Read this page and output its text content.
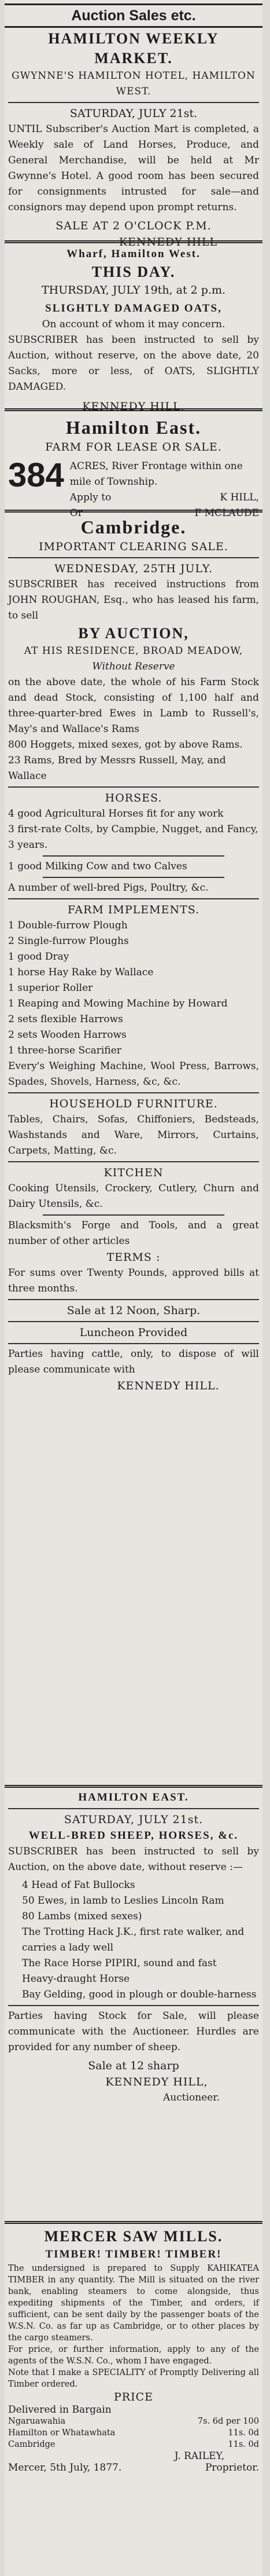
Auction Sales etc.

HAMILTON WEEKLY MARKET.

GWYNNE'S HAMILTON HOTEL, HAMILTON WEST.

SATURDAY, JULY 21st.

UNTIL Subscriber's Auction Mart is completed, a Weekly sale of Land Horses, Produce, and General Merchandise, will be held at Mr Gwynne's Hotel. A good room has been secured for consignments intrusted for sale—and consignors may depend upon prompt returns.

SALE AT 2 O'CLOCK P.M.

KENNEDY HILL

Wharf, Hamilton West.

THIS DAY.

THURSDAY, JULY 19th, at 2 p.m.

SLIGHTLY DAMAGED OATS,

On account of whom it may concern.

SUBSCRIBER has been instructed to sell by Auction, without reserve, on the above date, 20 Sacks, more or less, of OATS, SLIGHTLY DAMAGED.

KENNEDY HILL.

Hamilton East.

FARM FOR LEASE OR SALE.

384 ACRES, River Frontage within one mile of Township.

Apply to	K HILL,
Or	F MCLAUDE

Cambridge.

IMPORTANT CLEARING SALE.

WEDNESDAY, 25TH JULY.

SUBSCRIBER has received instructions from JOHN ROUGHAN, Esq., who has leased his farm, to sell

BY AUCTION,

AT HIS RESIDENCE, BROAD MEADOW,

Without Reserve

on the above date, the whole of his Farm Stock and dead Stock, consisting of 1,100 half and three-quarter-bred Ewes in Lamb to Russell's, May's and Wallace's Rams

800 Hoggets, mixed sexes, got by above Rams.

23 Rams, Bred by Messrs Russell, May, and Wallace

HORSES.

4 good Agricultural Horses fit for any work
3 first-rate Colts, by Campbie, Nugget, and Fancy, 3 years.

1 good Milking Cow and two Calves

A number of well-bred Pigs, Poultry, &c.

FARM IMPLEMENTS.

1 Double-furrow Plough

2 Single-furrow Ploughs

1 good Dray

1 horse Hay Rake by Wallace

1 superior Roller

1 Reaping and Mowing Machine by Howard

2 sets flexible Harrows

2 sets Wooden Harrows

1 three-horse Scarifier

Every's Weighing Machine, Wool Press, Barrows, Spades, Shovels, Harness, &c, &c.

HOUSEHOLD FURNITURE.

Tables, Chairs, Sofas, Chiffoniers, Bedsteads, Washstands and Ware, Mirrors, Curtains, Carpets, Matting, &c.

KITCHEN

Cooking Utensils, Crockery, Cutlery, Churn and Dairy Utensils, &c.

Blacksmith's Forge and Tools, and a great number of other articles

TERMS :

For sums over Twenty Pounds, approved bills at three months.

Sale at 12 Noon, Sharp.

Luncheon Provided

Parties having cattle, only, to dispose of will please communicate with

KENNEDY HILL.

HAMILTON EAST.

SATURDAY, JULY 21st.

WELL-BRED SHEEP, HORSES, &c.

SUBSCRIBER has been instructed to sell by Auction, on the above date, without reserve :—

4 Head of Fat Bullocks

50 Ewes, in lamb to Leslies Lincoln Ram

80 Lambs (mixed sexes)

The Trotting Hack J.K., first rate walker, and carries a lady well

The Race Horse PIPIRI, sound and fast

Heavy-draught Horse

Bay Gelding, good in plough or double-harness

Parties having Stock for Sale, will please communicate with the Auctioneer. Hurdles are provided for any number of sheep.

Sale at 12 sharp

KENNEDY HILL,

Auctioneer.

MERCER SAW MILLS.

TIMBER! TIMBER! TIMBER!

The undersigned is prepared to Supply KAHIKATEA TIMBER in any quantity. The Mill is situated on the river bank, enabling steamers to come alongside, thus expediting shipments of the Timber, and orders, if sufficient, can be sent daily by the passenger boats of the W.S.N. Co. as far up as Cambridge, or to other places by the cargo steamers.

For price, or further information, apply to any of the agents of the W.S.N. Co., whom I have engaged.

Note that I make a SPECIALITY of Promptly Delivering all Timber ordered.

PRICE

Delivered in Bargain

Ngaruawahia	7s. 6d per 100
Hamilton or Whatawhata	11s. 0d
Cambridge	11s. 0d

J. RAILEY,

Mercer, 5th July, 1877.	Proprietor.
